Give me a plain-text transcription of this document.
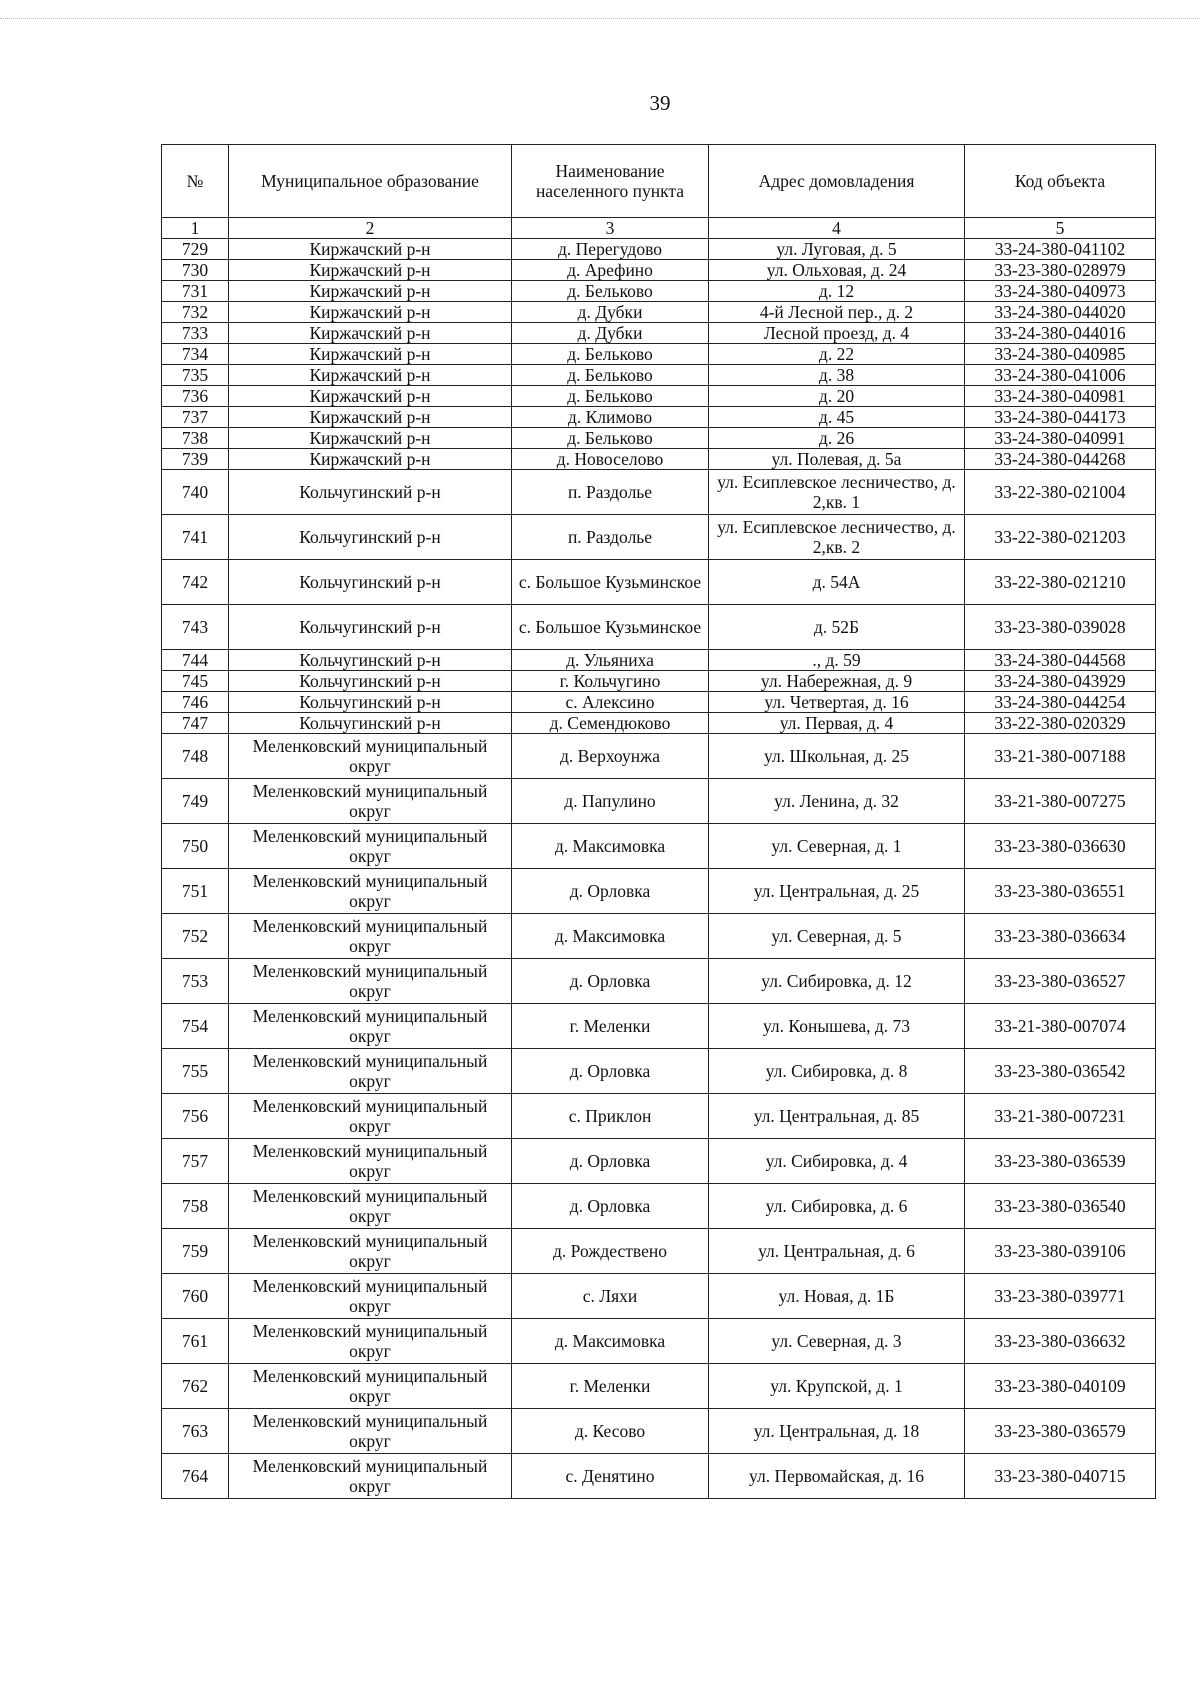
39
№	Муниципальное образование	Наименование населенного пункта	Адрес домовладения	Код объекта
1	2	3	4	5
729	Киржачский р-н	д. Перегудово	ул. Луговая, д. 5	33-24-380-041102
730	Киржачский р-н	д. Арефино	ул. Ольховая, д. 24	33-23-380-028979
731	Киржачский р-н	д. Бельково	д. 12	33-24-380-040973
732	Киржачский р-н	д. Дубки	4-й Лесной пер., д. 2	33-24-380-044020
733	Киржачский р-н	д. Дубки	Лесной проезд, д. 4	33-24-380-044016
734	Киржачский р-н	д. Бельково	д. 22	33-24-380-040985
735	Киржачский р-н	д. Бельково	д. 38	33-24-380-041006
736	Киржачский р-н	д. Бельково	д. 20	33-24-380-040981
737	Киржачский р-н	д. Климово	д. 45	33-24-380-044173
738	Киржачский р-н	д. Бельково	д. 26	33-24-380-040991
739	Киржачский р-н	д. Новоселово	ул. Полевая, д. 5а	33-24-380-044268
740	Кольчугинский р-н	п. Раздолье	ул. Есиплевское лесничество, д. 2,кв. 1	33-22-380-021004
741	Кольчугинский р-н	п. Раздолье	ул. Есиплевское лесничество, д. 2,кв. 2	33-22-380-021203
742	Кольчугинский р-н	с. Большое Кузьминское	д. 54А	33-22-380-021210
743	Кольчугинский р-н	с. Большое Кузьминское	д. 52Б	33-23-380-039028
744	Кольчугинский р-н	д. Ульяниха	., д. 59	33-24-380-044568
745	Кольчугинский р-н	г. Кольчугино	ул. Набережная, д. 9	33-24-380-043929
746	Кольчугинский р-н	с. Алексино	ул. Четвертая, д. 16	33-24-380-044254
747	Кольчугинский р-н	д. Семендюково	ул. Первая, д. 4	33-22-380-020329
748	Меленковский муниципальный округ	д. Верхоунжа	ул. Школьная, д. 25	33-21-380-007188
749	Меленковский муниципальный округ	д. Папулино	ул. Ленина, д. 32	33-21-380-007275
750	Меленковский муниципальный округ	д. Максимовка	ул. Северная, д. 1	33-23-380-036630
751	Меленковский муниципальный округ	д. Орловка	ул. Центральная, д. 25	33-23-380-036551
752	Меленковский муниципальный округ	д. Максимовка	ул. Северная, д. 5	33-23-380-036634
753	Меленковский муниципальный округ	д. Орловка	ул. Сибировка, д. 12	33-23-380-036527
754	Меленковский муниципальный округ	г. Меленки	ул. Конышева, д. 73	33-21-380-007074
755	Меленковский муниципальный округ	д. Орловка	ул. Сибировка, д. 8	33-23-380-036542
756	Меленковский муниципальный округ	с. Приклон	ул. Центральная, д. 85	33-21-380-007231
757	Меленковский муниципальный округ	д. Орловка	ул. Сибировка, д. 4	33-23-380-036539
758	Меленковский муниципальный округ	д. Орловка	ул. Сибировка, д. 6	33-23-380-036540
759	Меленковский муниципальный округ	д. Рождествено	ул. Центральная, д. 6	33-23-380-039106
760	Меленковский муниципальный округ	с. Ляхи	ул. Новая, д. 1Б	33-23-380-039771
761	Меленковский муниципальный округ	д. Максимовка	ул. Северная, д. 3	33-23-380-036632
762	Меленковский муниципальный округ	г. Меленки	ул. Крупской, д. 1	33-23-380-040109
763	Меленковский муниципальный округ	д. Кесово	ул. Центральная, д. 18	33-23-380-036579
764	Меленковский муниципальный округ	с. Денятино	ул. Первомайская, д. 16	33-23-380-040715
